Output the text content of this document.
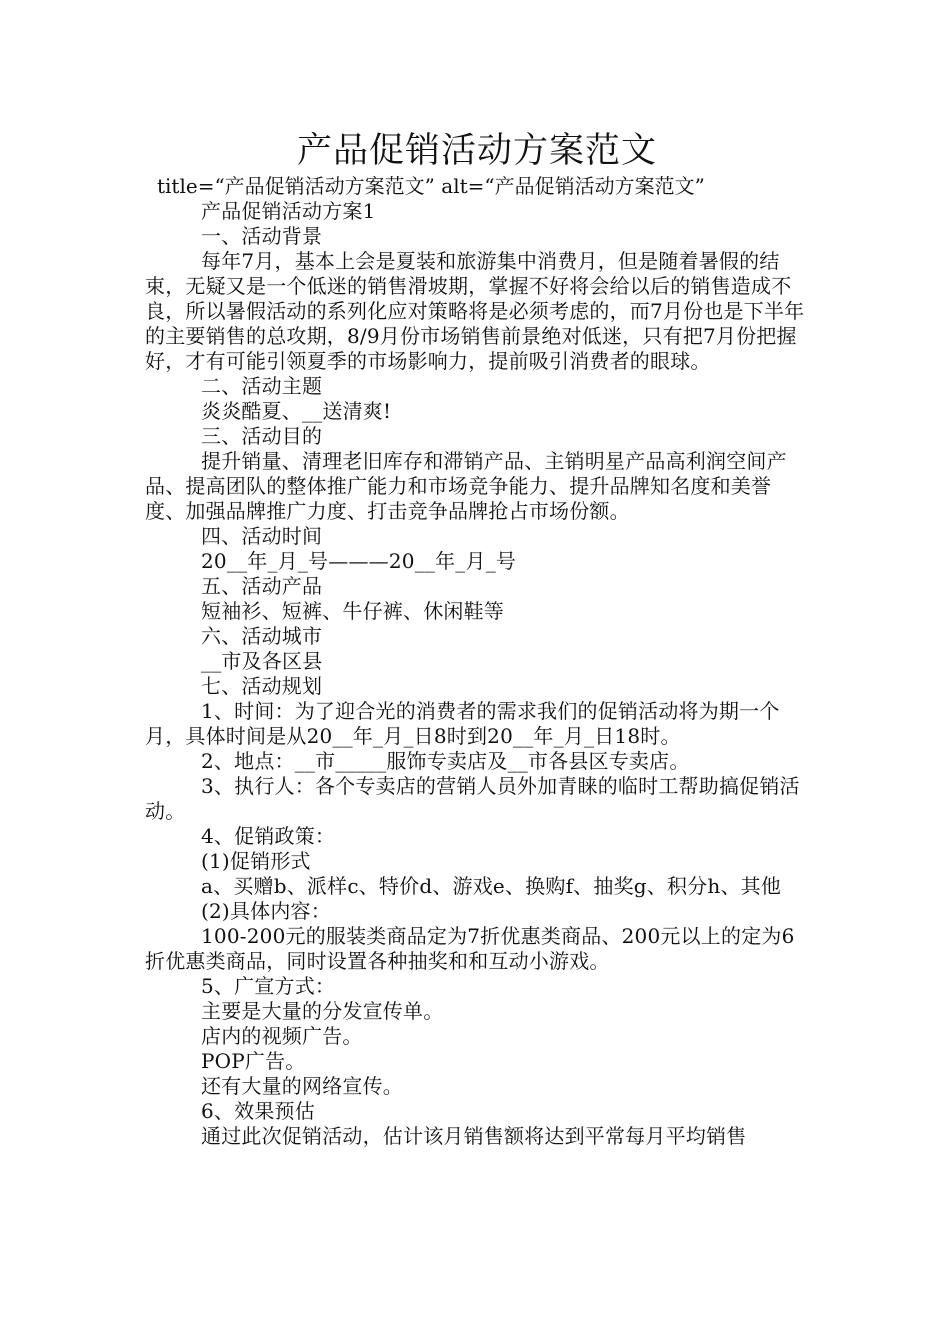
产品促销活动方案范文

title=“产品促销活动方案范文” alt=“产品促销活动方案范文”

产品促销活动方案1

一、活动背景

每年7月，基本上会是夏装和旅游集中消费月，但是随着暑假的结束，无疑又是一个低迷的销售滑坡期，掌握不好将会给以后的销售造成不良，所以暑假活动的系列化应对策略将是必须考虑的，而7月份也是下半年的主要销售的总攻期，8/9月份市场销售前景绝对低迷，只有把7月份把握好，才有可能引领夏季的市场影响力，提前吸引消费者的眼球。

二、活动主题

炎炎酷夏、__送清爽!

三、活动目的

提升销量、清理老旧库存和滞销产品、主销明星产品高利润空间产品、提高团队的整体推广能力和市场竞争能力、提升品牌知名度和美誉度、加强品牌推广力度、打击竞争品牌抢占市场份额。

四、活动时间

20__年_月_号———20__年_月_号

五、活动产品

短袖衫、短裤、牛仔裤、休闲鞋等

六、活动城市

__市及各区县

七、活动规划

1、时间：为了迎合光的消费者的需求我们的促销活动将为期一个月，具体时间是从20__年_月_日8时到20__年_月_日18时。

2、地点：__市_____服饰专卖店及__市各县区专卖店。

3、执行人：各个专卖店的营销人员外加青睐的临时工帮助搞促销活动。

4、促销政策：

(1)促销形式

a、买赠b、派样c、特价d、游戏e、换购f、抽奖g、积分h、其他

(2)具体内容：

100-200元的服装类商品定为7折优惠类商品、200元以上的定为6折优惠类商品，同时设置各种抽奖和和互动小游戏。

5、广宣方式：

主要是大量的分发宣传单。

店内的视频广告。

POP广告。

还有大量的网络宣传。

6、效果预估

通过此次促销活动，估计该月销售额将达到平常每月平均销售
